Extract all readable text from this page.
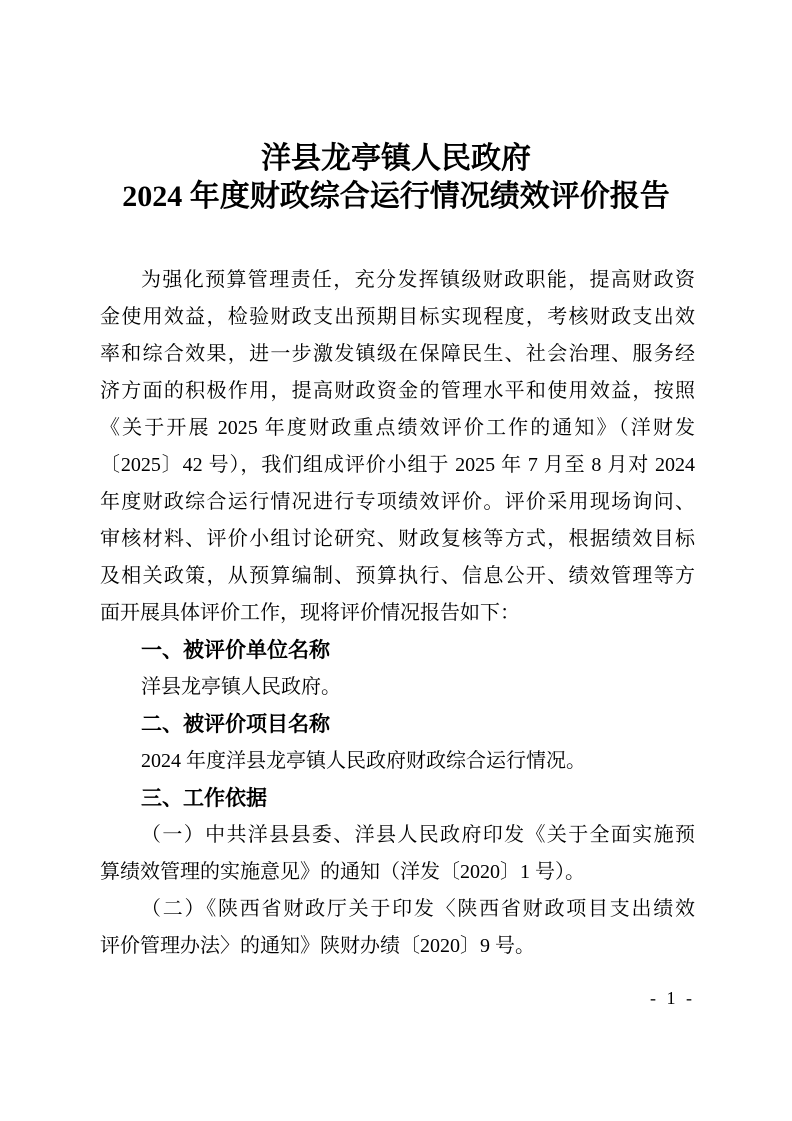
洋县龙亭镇人民政府
2024 年度财政综合运行情况绩效评价报告
为强化预算管理责任，充分发挥镇级财政职能，提高财政资
金使用效益，检验财政支出预期目标实现程度，考核财政支出效
率和综合效果，进一步激发镇级在保障民生、社会治理、服务经
济方面的积极作用，提高财政资金的管理水平和使用效益，按照
《关于开展 2025 年度财政重点绩效评价工作的通知》（洋财发
〔2025〕42 号），我们组成评价小组于 2025 年 7 月至 8 月对 2024
年度财政综合运行情况进行专项绩效评价。评价采用现场询问、
审核材料、评价小组讨论研究、财政复核等方式，根据绩效目标
及相关政策，从预算编制、预算执行、信息公开、绩效管理等方
面开展具体评价工作，现将评价情况报告如下：
一、被评价单位名称
洋县龙亭镇人民政府。
二、被评价项目名称
2024 年度洋县龙亭镇人民政府财政综合运行情况。
三、工作依据
（一）中共洋县县委、洋县人民政府印发《关于全面实施预
算绩效管理的实施意见》的通知（洋发〔2020〕1 号）。
（二）《陕西省财政厅关于印发〈陕西省财政项目支出绩效
评价管理办法〉的通知》陕财办绩〔2020〕9 号。
- 1 -
